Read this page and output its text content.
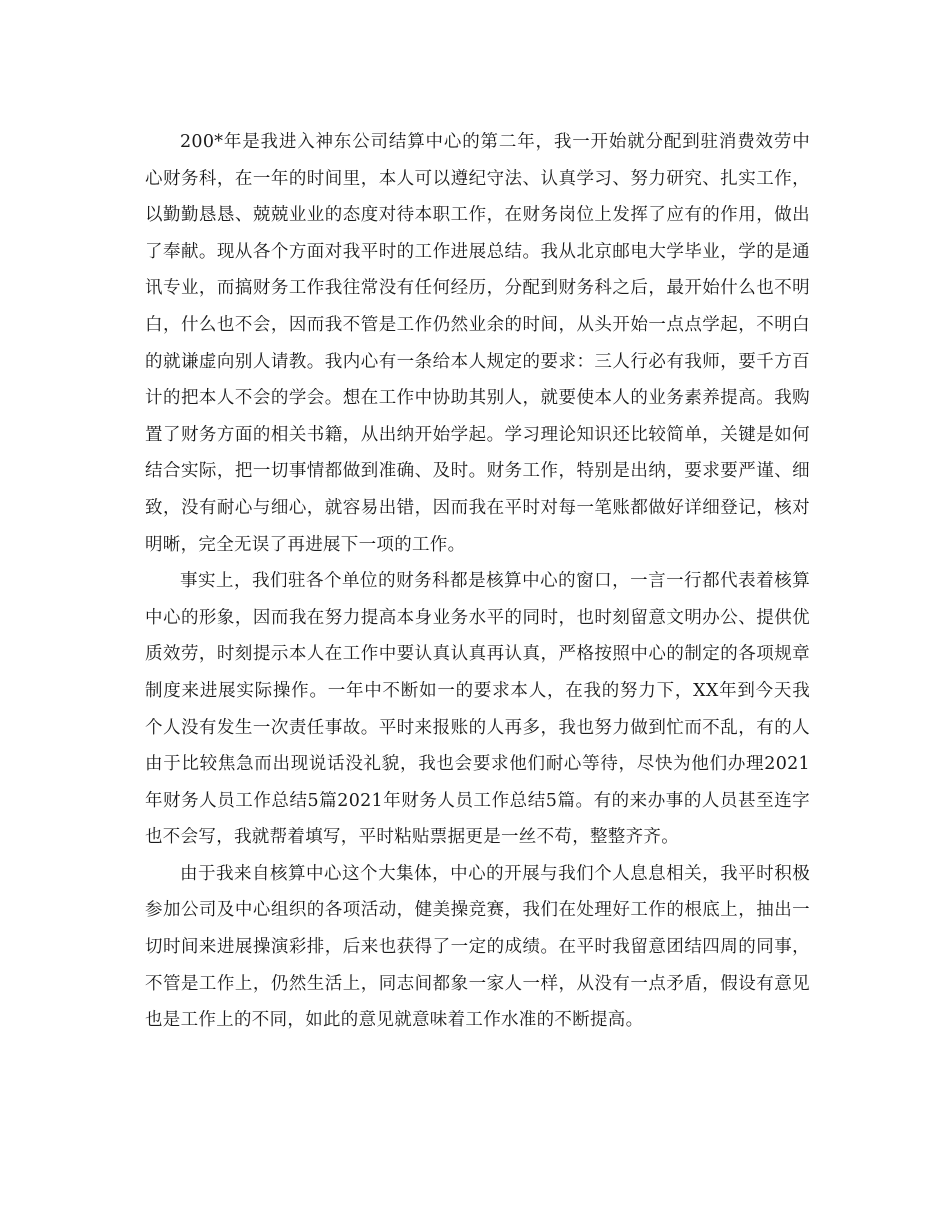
200*年是我进入神东公司结算中心的第二年，我一开始就分配到驻消费效劳中心财务科，在一年的时间里，本人可以遵纪守法、认真学习、努力研究、扎实工作，以勤勤恳恳、兢兢业业的态度对待本职工作，在财务岗位上发挥了应有的作用，做出了奉献。现从各个方面对我平时的工作进展总结。我从北京邮电大学毕业，学的是通讯专业，而搞财务工作我往常没有任何经历，分配到财务科之后，最开始什么也不明白，什么也不会，因而我不管是工作仍然业余的时间，从头开始一点点学起，不明白的就谦虚向别人请教。我内心有一条给本人规定的要求：三人行必有我师，要千方百计的把本人不会的学会。想在工作中协助其别人，就要使本人的业务素养提高。我购置了财务方面的相关书籍，从出纳开始学起。学习理论知识还比较简单，关键是如何结合实际，把一切事情都做到准确、及时。财务工作，特别是出纳，要求要严谨、细致，没有耐心与细心，就容易出错，因而我在平时对每一笔账都做好详细登记，核对明晰，完全无误了再进展下一项的工作。

事实上，我们驻各个单位的财务科都是核算中心的窗口，一言一行都代表着核算中心的形象，因而我在努力提高本身业务水平的同时，也时刻留意文明办公、提供优质效劳，时刻提示本人在工作中要认真认真再认真，严格按照中心的制定的各项规章制度来进展实际操作。一年中不断如一的要求本人，在我的努力下，XX年到今天我个人没有发生一次责任事故。平时来报账的人再多，我也努力做到忙而不乱，有的人由于比较焦急而出现说话没礼貌，我也会要求他们耐心等待，尽快为他们办理2021年财务人员工作总结5篇2021年财务人员工作总结5篇。有的来办事的人员甚至连字也不会写，我就帮着填写，平时粘贴票据更是一丝不苟，整整齐齐。

由于我来自核算中心这个大集体，中心的开展与我们个人息息相关，我平时积极参加公司及中心组织的各项活动，健美操竞赛，我们在处理好工作的根底上，抽出一切时间来进展操演彩排，后来也获得了一定的成绩。在平时我留意团结四周的同事，不管是工作上，仍然生活上，同志间都象一家人一样，从没有一点矛盾，假设有意见也是工作上的不同，如此的意见就意味着工作水准的不断提高。
